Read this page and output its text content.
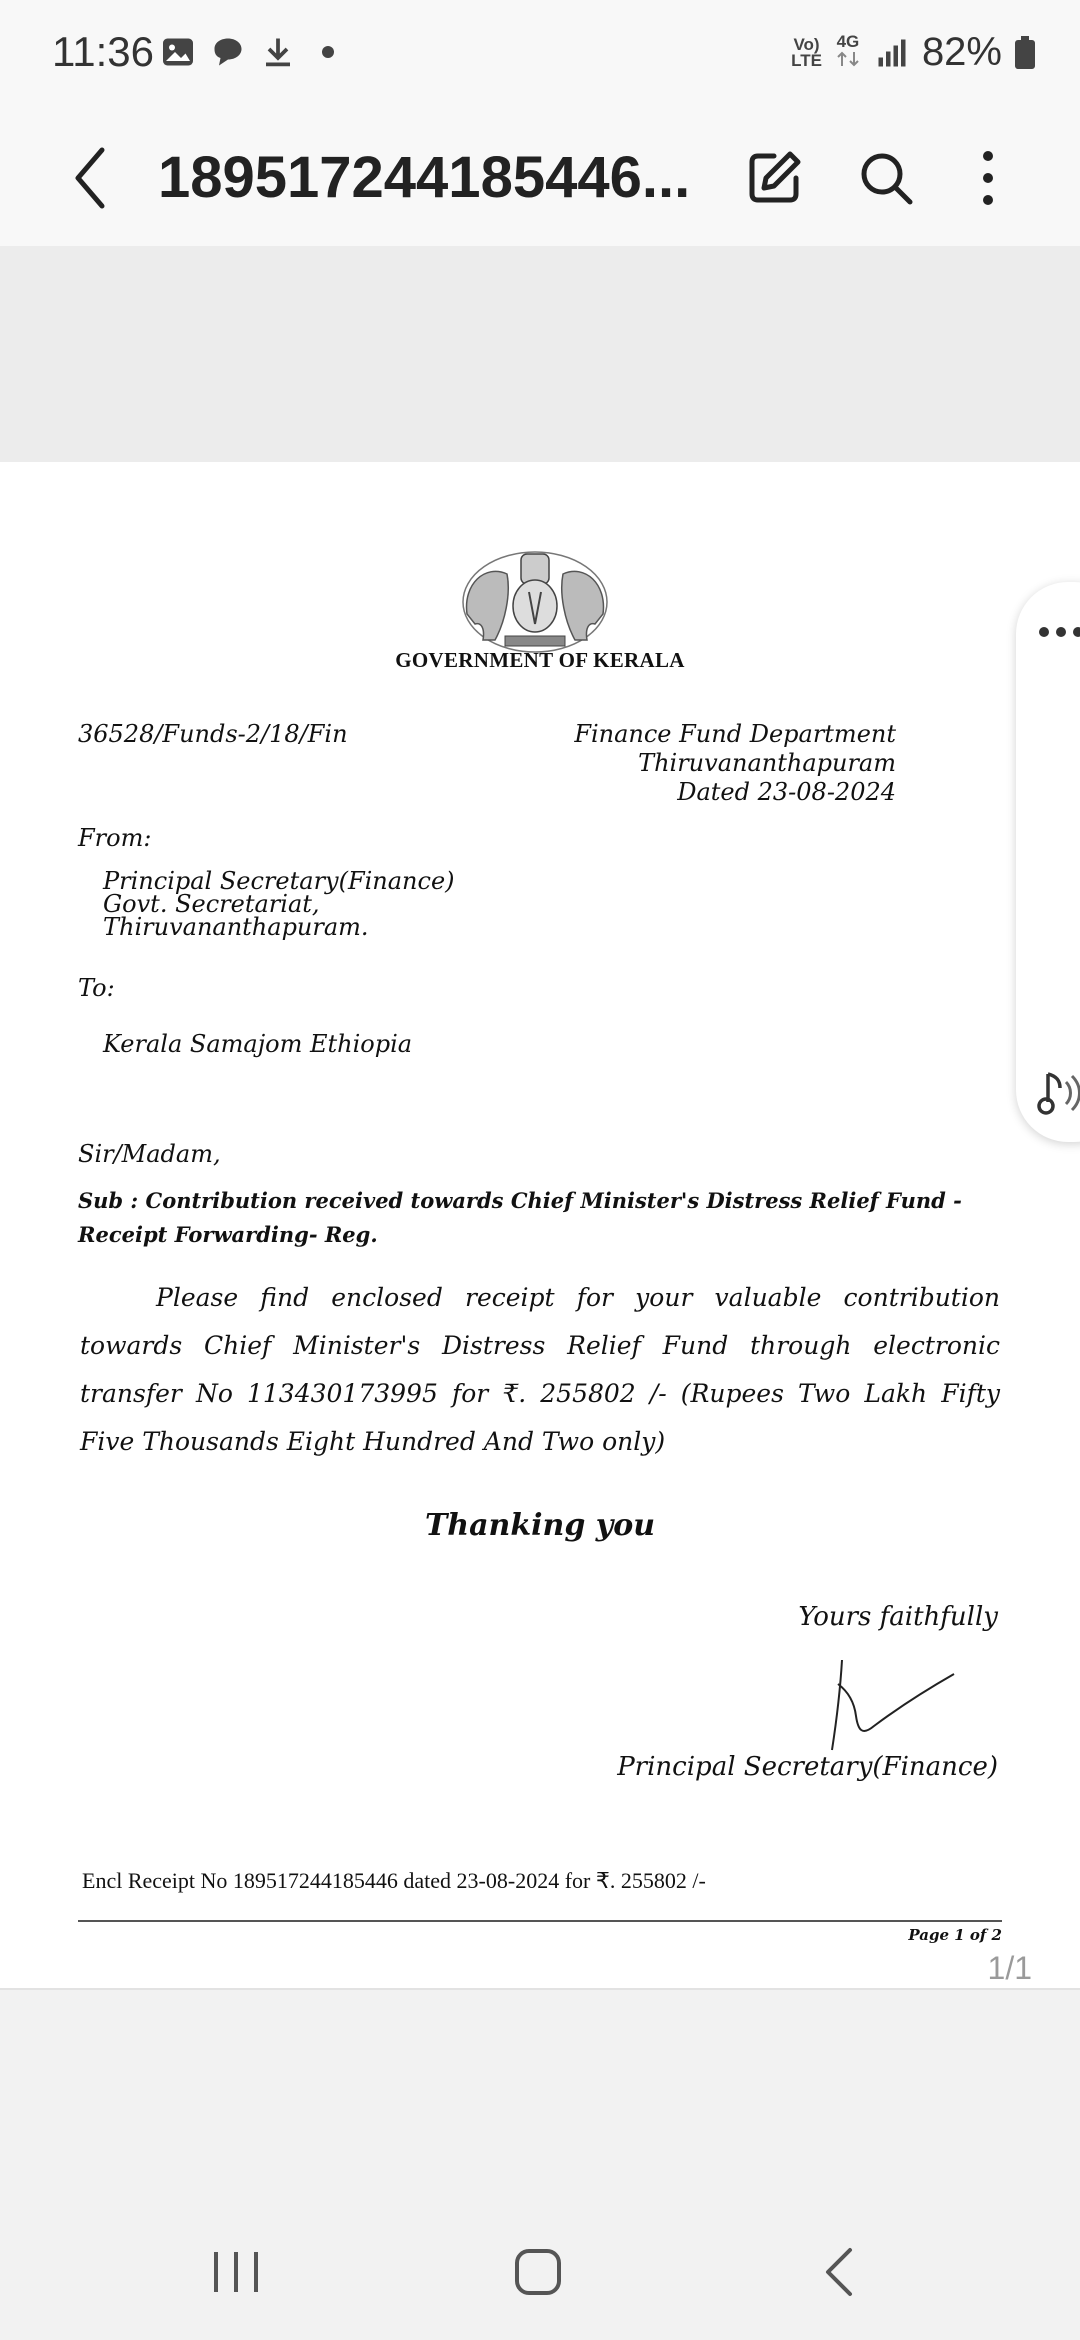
11:36	Vo)
LTE
4G 82%
189517244185446...
GOVERNMENT OF KERALA
36528/Funds-2/18/Fin	Finance Fund Department
Thiruvananthapuram
Dated 23-08-2024
From:
Principal Secretary(Finance)
Govt. Secretariat,
Thiruvananthapuram.
To:
Kerala Samajom Ethiopia
Sir/Madam,
Sub : Contribution received towards Chief Minister's Distress Relief Fund - Receipt Forwarding- Reg.
Please find enclosed receipt for your valuable contribution towards Chief Minister's Distress Relief Fund through electronic transfer No 113430173995 for ₹. 255802 /- (Rupees Two Lakh Fifty Five Thousands Eight Hundred And Two only)
Thanking you
Yours faithfully
Principal Secretary(Finance)
Encl Receipt No 189517244185446 dated 23-08-2024 for ₹. 255802 /-
Page 1 of 2
1/1
